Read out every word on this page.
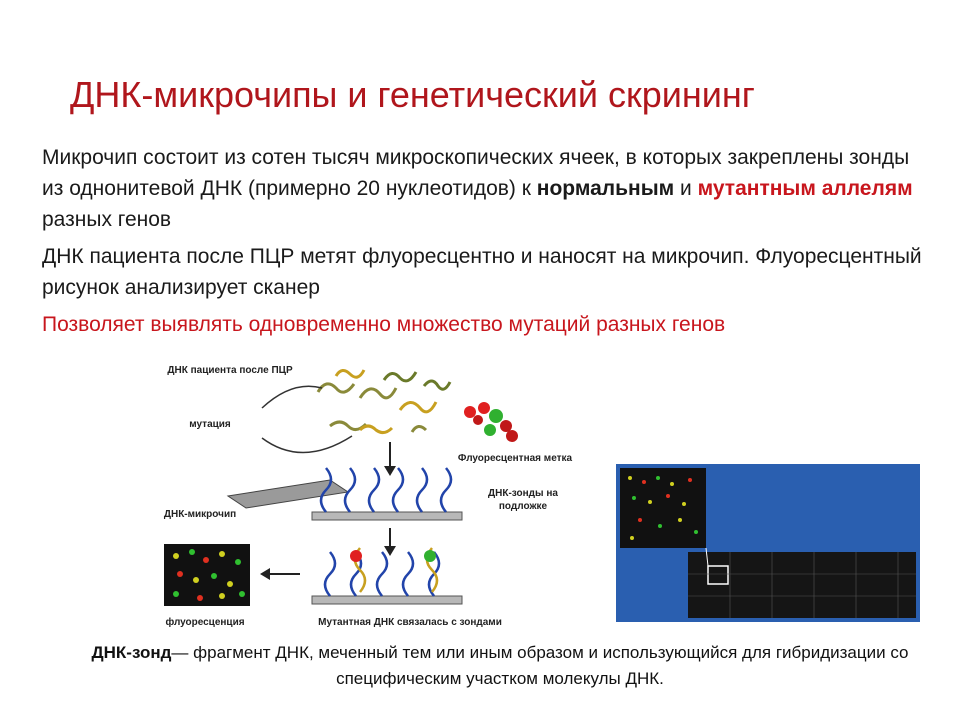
ДНК-микрочипы и генетический скрининг

Микрочип состоит из сотен тысяч микроскопических ячеек, в которых закреплены зонды из однонитевой ДНК (примерно 20 нуклеотидов) к нормальным и мутантным аллелям разных генов

ДНК пациента после ПЦР метят флуоресцентно и наносят на микрочип. Флуоресцентный рисунок анализирует сканер

Позволяет выявлять одновременно множество мутаций разных генов

ДНК пациента после ПЦР
мутация
Флуоресцентная метка
ДНК-зонды на подложке
ДНК-микрочип
флуоресценция	Мутантная ДНК связалась с зондами
ДНК-зонд— фрагмент ДНК, меченный тем или иным образом и использующийся для гибридизации со специфическим участком молекулы ДНК.
